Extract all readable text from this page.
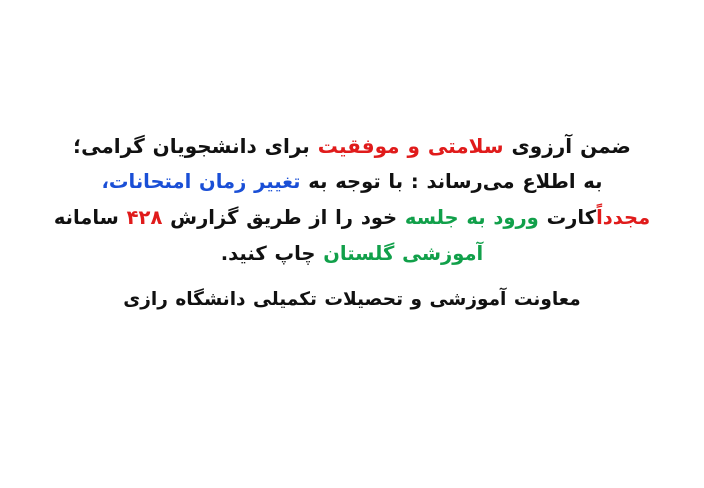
ضمن آرزوی سلامتی و موفقیت برای دانشجویان گرامی؛
به اطلاع می‌رساند : با توجه به تغییر زمان امتحانات،
مجدداًکارت ورود به جلسه خود را از طریق گزارش ۴۲۸ سامانه
آموزشی گلستان چاپ کنید.
معاونت آموزشی و تحصیلات تکمیلی دانشگاه رازی
